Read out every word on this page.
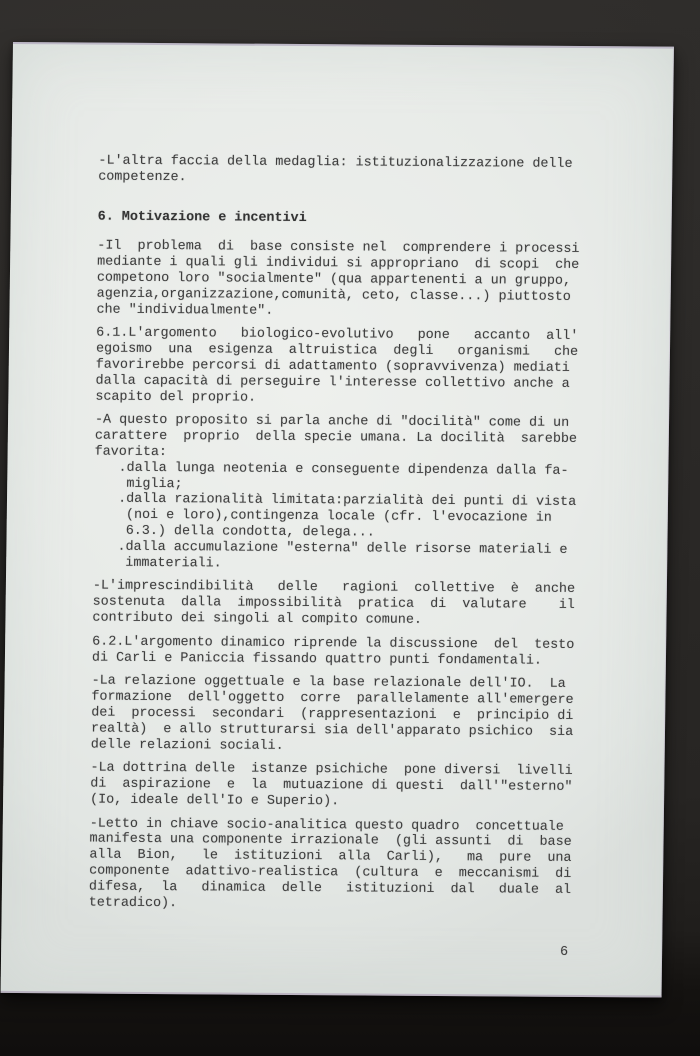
-L'altra faccia della medaglia: istituzionalizzazione delle
competenze.
6. Motivazione e incentivi
-Il  problema  di  base consiste nel  comprendere i processi
mediante i quali gli individui si appropriano  di scopi  che
competono loro "socialmente" (qua appartenenti a un gruppo,
agenzia,organizzazione,comunità, ceto, classe...) piuttosto
che "individualmente".
6.1.L'argomento   biologico-evolutivo   pone   accanto  all'
egoismo  una  esigenza  altruistica  degli   organismi   che
favorirebbe percorsi di adattamento (sopravvivenza) mediati
dalla capacità di perseguire l'interesse collettivo anche a
scapito del proprio.
-A questo proposito si parla anche di "docilità" come di un
carattere  proprio  della specie umana. La docilità  sarebbe
favorita:
.dalla lunga neotenia e conseguente dipendenza dalla fa-
miglia;
.dalla razionalità limitata:parzialità dei punti di vista
(noi e loro),contingenza locale (cfr. l'evocazione in
6.3.) della condotta, delega...
.dalla accumulazione "esterna" delle risorse materiali e
immateriali.
-L'imprescindibilità   delle   ragioni  collettive  è  anche
sostenuta  dalla  impossibilità  pratica  di  valutare    il
contributo dei singoli al compito comune.
6.2.L'argomento dinamico riprende la discussione  del  testo
di Carli e Paniccia fissando quattro punti fondamentali.
-La relazione oggettuale e la base relazionale dell'IO.  La
formazione  dell'oggetto  corre  parallelamente all'emergere
dei  processi  secondari  (rappresentazioni  e  principio di
realtà)  e allo strutturarsi sia dell'apparato psichico  sia
delle relazioni sociali.
-La dottrina delle  istanze psichiche  pone diversi  livelli
di  aspirazione  e  la  mutuazione di questi  dall'"esterno"
(Io, ideale dell'Io e Superio).
-Letto in chiave socio-analitica questo quadro  concettuale
manifesta una componente irrazionale  (gli assunti  di  base
alla  Bion,   le  istituzioni  alla  Carli),   ma  pure  una
componente  adattivo-realistica  (cultura  e  meccanismi  di
difesa,  la   dinamica  delle   istituzioni  dal   duale  al
tetradico).
6
